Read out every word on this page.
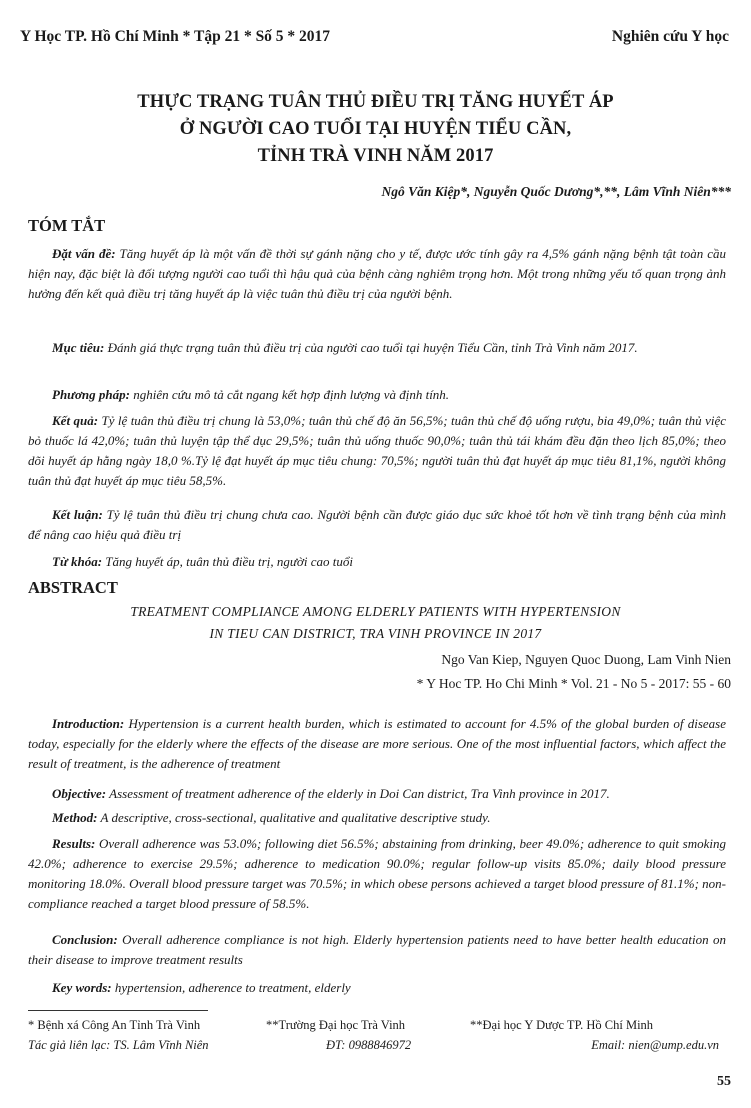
Y Học TP. Hồ Chí Minh * Tập 21 * Số 5 * 2017	Nghiên cứu Y học
THỰC TRẠNG TUÂN THỦ ĐIỀU TRỊ TĂNG HUYẾT ÁP
Ở NGƯỜI CAO TUỔI TẠI HUYỆN TIỂU CẦN,
TỈNH TRÀ VINH NĂM 2017
Ngô Văn Kiệp*, Nguyễn Quốc Dương*,**, Lâm Vĩnh Niên***
TÓM TẮT
Đặt vấn đề: Tăng huyết áp là một vấn đề thời sự gánh nặng cho y tế, được ước tính gây ra 4,5% gánh nặng bệnh tật toàn cầu hiện nay, đặc biệt là đối tượng người cao tuổi thì hậu quả của bệnh càng nghiêm trọng hơn. Một trong những yếu tố quan trọng ảnh hưởng đến kết quả điều trị tăng huyết áp là việc tuân thủ điều trị của người bệnh.
Mục tiêu: Đánh giá thực trạng tuân thủ điều trị của người cao tuổi tại huyện Tiểu Cần, tỉnh Trà Vinh năm 2017.
Phương pháp: nghiên cứu mô tả cắt ngang kết hợp định lượng và định tính.
Kết quả: Tỷ lệ tuân thủ điều trị chung là 53,0%; tuân thủ chế độ ăn 56,5%; tuân thủ chế độ uống rượu, bia 49,0%; tuân thủ việc bỏ thuốc lá 42,0%; tuân thủ luyện tập thể dục 29,5%; tuân thủ uống thuốc 90,0%; tuân thủ tái khám đều đặn theo lịch 85,0%; theo dõi huyết áp hằng ngày 18,0 %.Tỷ lệ đạt huyết áp mục tiêu chung: 70,5%; người tuân thủ đạt huyết áp mục tiêu 81,1%, người không tuân thủ đạt huyết áp mục tiêu 58,5%.
Kết luận: Tỷ lệ tuân thủ điều trị chung chưa cao. Người bệnh cần được giáo dục sức khoẻ tốt hơn về tình trạng bệnh của mình để nâng cao hiệu quả điều trị
Từ khóa: Tăng huyết áp, tuân thủ điều trị, người cao tuổi
ABSTRACT
TREATMENT COMPLIANCE AMONG ELDERLY PATIENTS WITH HYPERTENSION
IN TIEU CAN DISTRICT, TRA VINH PROVINCE IN 2017
Ngo Van Kiep, Nguyen Quoc Duong, Lam Vinh Nien
* Y Hoc TP. Ho Chi Minh * Vol. 21 - No 5 - 2017: 55 - 60
Introduction: Hypertension is a current health burden, which is estimated to account for 4.5% of the global burden of disease today, especially for the elderly where the effects of the disease are more serious. One of the most influential factors, which affect the result of treatment, is the adherence of treatment
Objective: Assessment of treatment adherence of the elderly in Doi Can district, Tra Vinh province in 2017.
Method: A descriptive, cross-sectional, qualitative and qualitative descriptive study.
Results: Overall adherence was 53.0%; following diet 56.5%; abstaining from drinking, beer 49.0%; adherence to quit smoking 42.0%; adherence to exercise 29.5%; adherence to medication 90.0%; regular follow-up visits 85.0%; daily blood pressure monitoring 18.0%. Overall blood pressure target was 70.5%; in which obese persons achieved a target blood pressure of 81.1%; non-compliance reached a target blood pressure of 58.5%.
Conclusion: Overall adherence compliance is not high. Elderly hypertension patients need to have better health education on their disease to improve treatment results
Key words: hypertension, adherence to treatment, elderly
* Bệnh xá Công An Tỉnh Trà Vinh	**Trường Đại học Trà Vinh	**Đại học Y Dược TP. Hồ Chí Minh
Tác giả liên lạc: TS. Lâm Vĩnh Niên	ĐT: 0988846972	Email: nien@ump.edu.vn
55
